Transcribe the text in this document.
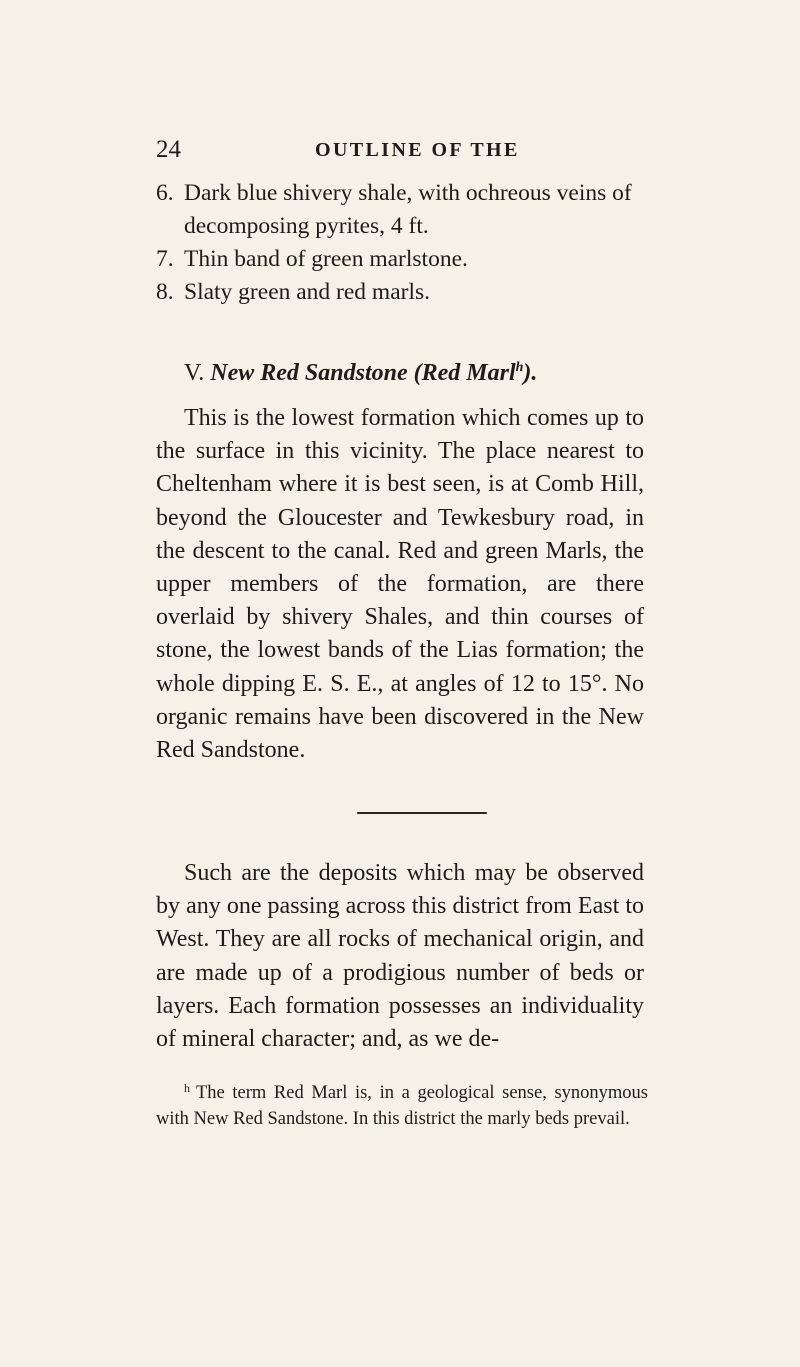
24	OUTLINE OF THE
6. Dark blue shivery shale, with ochreous veins of decomposing pyrites, 4 ft.
7. Thin band of green marlstone.
8. Slaty green and red marls.
V. New Red Sandstone (Red Marl$^h$).

This is the lowest formation which comes up to the surface in this vicinity. The place nearest to Cheltenham where it is best seen, is at Comb Hill, beyond the Gloucester and Tewkesbury road, in the descent to the canal. Red and green Marls, the upper members of the formation, are there overlaid by shivery Shales, and thin courses of stone, the lowest bands of the Lias formation; the whole dipping E. S. E., at angles of 12 to 15°. No organic remains have been discovered in the New Red Sandstone.

Such are the deposits which may be observed by any one passing across this district from East to West. They are all rocks of mechanical origin, and are made up of a prodigious number of beds or layers. Each formation possesses an individuality of mineral character; and, as we de-

$^h$ The term Red Marl is, in a geological sense, synonymous with New Red Sandstone. In this district the marly beds prevail.
